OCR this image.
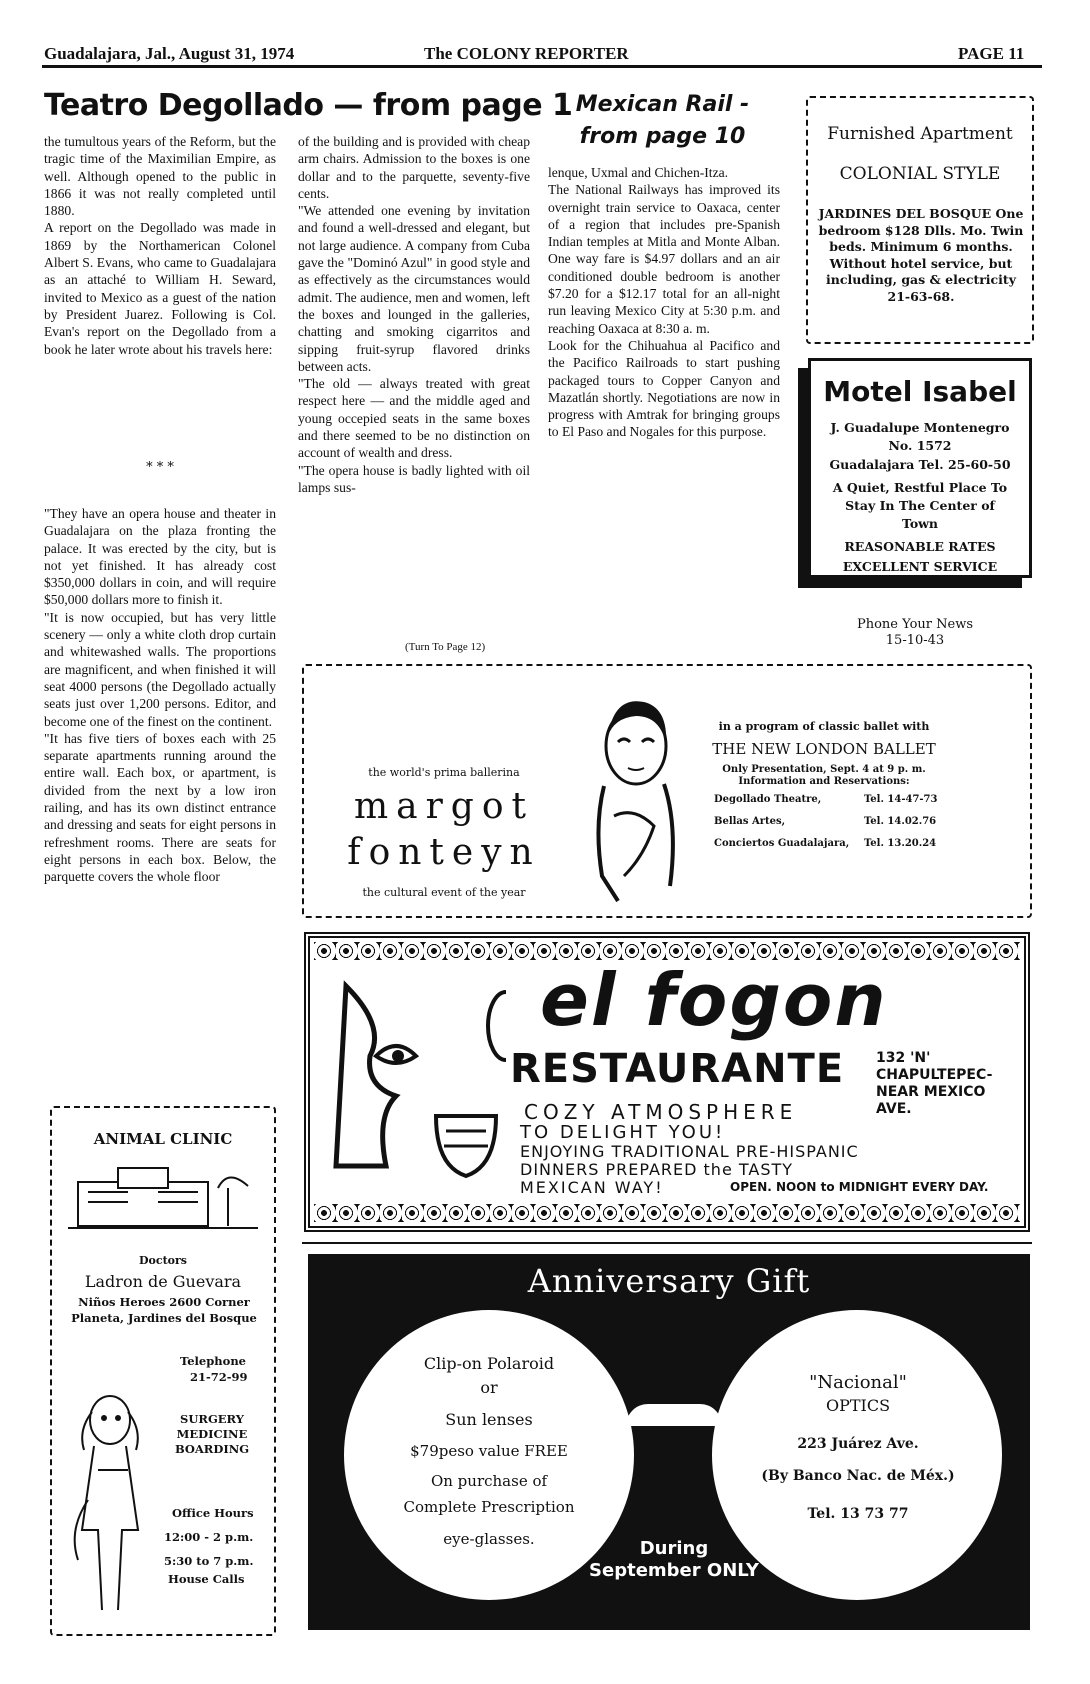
Guadalajara, Jal., August 31, 1974	The COLONY REPORTER	PAGE 11
Teatro Degollado — from page 1
the tumultous years of the Reform, but the tragic time of the Maximilian Empire, as well. Although opened to the public in 1866 it was not really completed until 1880.
A report on the Degollado was made in 1869 by the Northamerican Colonel Albert S. Evans, who came to Guadalajara as an attaché to William H. Seward, invited to Mexico as a guest of the nation by President Juarez. Following is Col. Evan's report on the Degollado from a book he later wrote about his travels here:
* * *
"They have an opera house and theater in Guadalajara on the plaza fronting the palace. It was erected by the city, but is not yet finished. It has already cost $350,000 dollars in coin, and will require $50,000 dollars more to finish it.
"It is now occupied, but has very little scenery — only a white cloth drop curtain and whitewashed walls. The proportions are magnificent, and when finished it will seat 4000 persons (the Degollado actually seats just over 1,200 persons. Editor, and become one of the finest on the continent.
"It has five tiers of boxes each with 25 separate apartments running around the entire wall. Each box, or apartment, is divided from the next by a low iron railing, and has its own distinct entrance and dressing and seats for eight persons in refreshment rooms. There are seats for eight persons in each box. Below, the parquette covers the whole floor
of the building and is provided with cheap arm chairs. Admission to the boxes is one dollar and to the parquette, seventy-five cents.
"We attended one evening by invitation and found a well-dressed and elegant, but not large audience. A company from Cuba gave the "Dominó Azul" in good style and as effectively as the circumstances would admit. The audience, men and women, left the boxes and lounged in the galleries, chatting and smoking cigarritos and sipping fruit-syrup flavored drinks between acts.
"The old — always treated with great respect here — and the middle aged and young occepied seats in the same boxes and there seemed to be no distinction on account of wealth and dress.
"The opera house is badly lighted with oil lamps sus-
(Turn To Page 12)
Mexican Rail -
from page 10
lenque, Uxmal and Chichen-Itza.
The National Railways has improved its overnight train service to Oaxaca, center of a region that includes pre-Spanish Indian temples at Mitla and Monte Alban. One way fare is $4.97 dollars and an air conditioned double bedroom is another $7.20 for a $12.17 total for an all-night run leaving Mexico City at 5:30 p.m. and reaching Oaxaca at 8:30 a. m.
Look for the Chihuahua al Pacifico and the Pacifico Railroads to start pushing packaged tours to Copper Canyon and Mazatlán shortly. Negotiations are now in progress with Amtrak for bringing groups to El Paso and Nogales for this purpose.
Furnished Apartment
COLONIAL STYLE
JARDINES DEL BOSQUE One bedroom $128 Dlls. Mo. Twin beds. Minimum 6 months. Without hotel service, but including, gas & electricity 21-63-68.
Motel Isabel
J. Guadalupe Montenegro No. 1572
Guadalajara Tel. 25-60-50
A Quiet, Restful Place To Stay In The Center of Town
REASONABLE RATES
EXCELLENT SERVICE
Phone Your News
15-10-43
the world's prima ballerina
margot
fonteyn
the cultural event of the year
in a program of classic ballet with
THE NEW LONDON BALLET
Only Presentation, Sept. 4 at 9 p. m.
Information and Reservations:
Degollado Theatre,	Tel. 14-47-73
Bellas Artes,	Tel. 14.02.76
Conciertos Guadalajara, Tel. 13.20.24
el fogon
RESTAURANTE 132 'N' CHAPULTEPEC-NEAR MEXICO AVE.
COZY ATMOSPHERE
TO DELIGHT YOU!
ENJOYING TRADITIONAL PRE-HISPANIC
DINNERS PREPARED the TASTY
MEXICAN WAY!	OPEN. NOON to MIDNIGHT EVERY DAY.
ANIMAL CLINIC
Doctors
Ladron de Guevara
Niños Heroes 2600 Corner Planeta, Jardines del Bosque
Telephone
21-72-99
SURGERY MEDICINE BOARDING
Office Hours
12:00 - 2 p.m.
5:30 to 7 p.m.
House Calls
Anniversary Gift
Clip-on Polaroid
or
Sun lenses
$79peso value FREE
On purchase of
Complete Prescription
eye-glasses.
"Nacional"
OPTICS
223 Juárez Ave.
(By Banco Nac. de Méx.)
Tel. 13 73 77
During September ONLY
